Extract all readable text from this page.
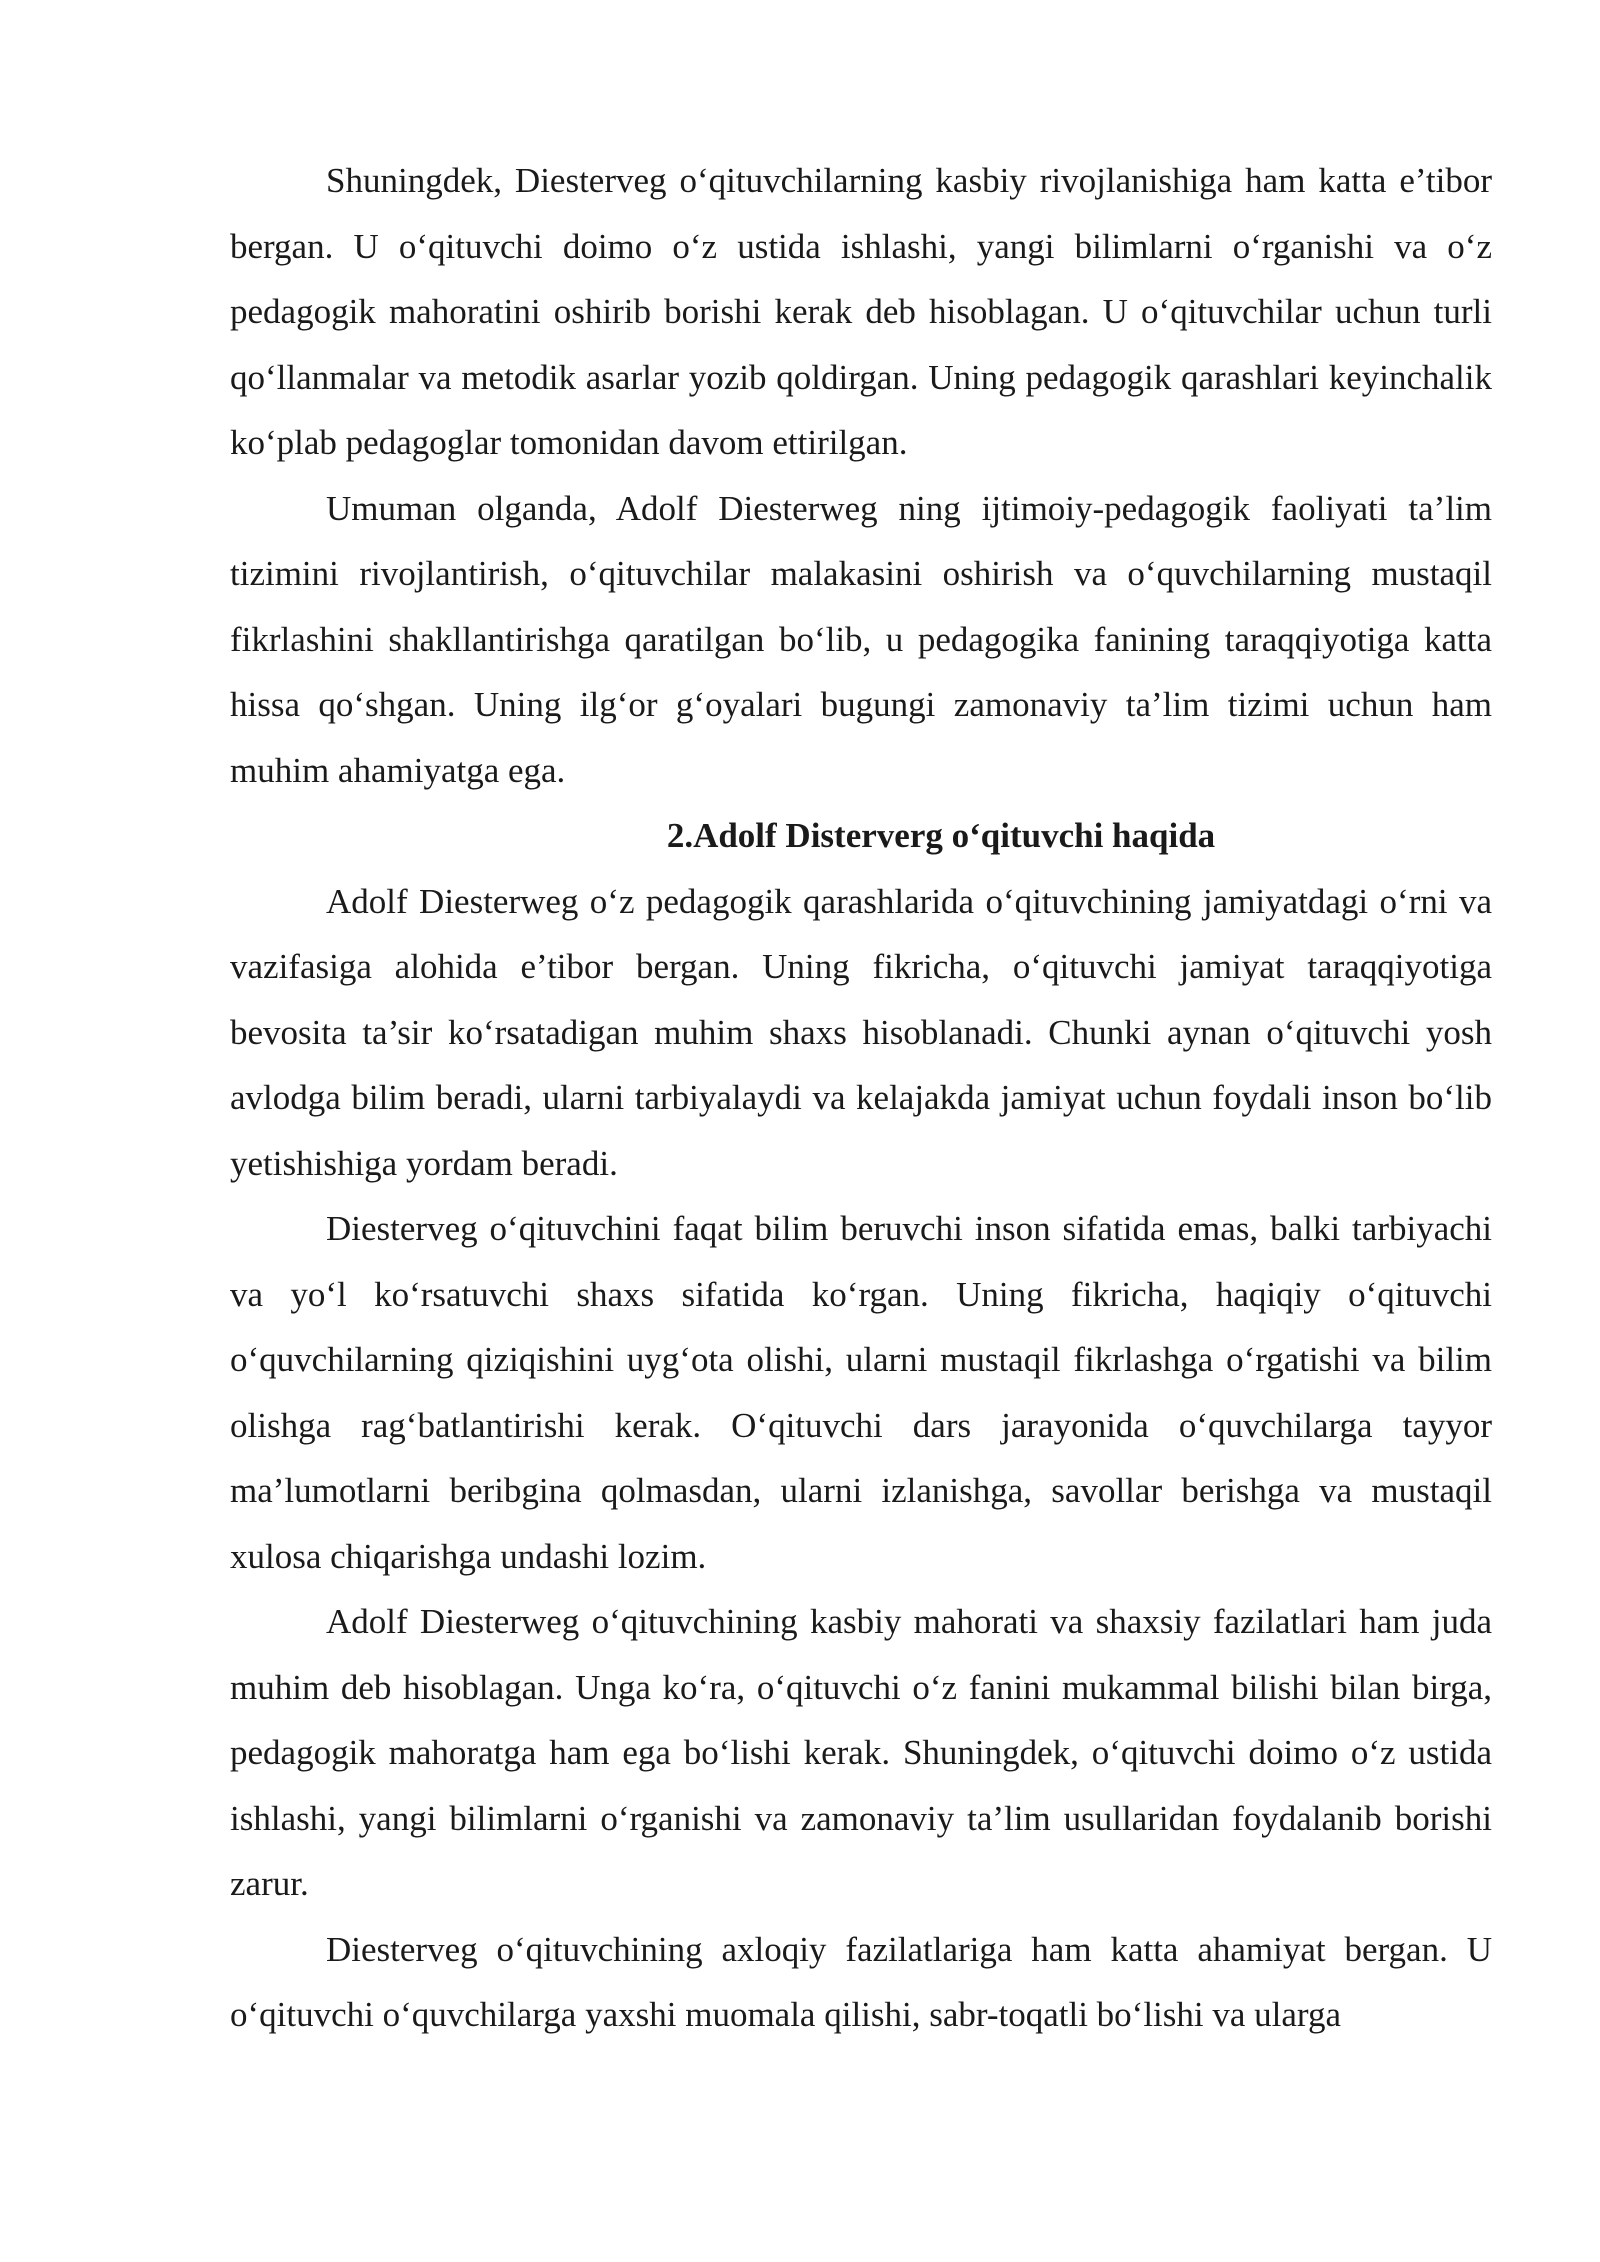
Shuningdek, Diesterveg o‘qituvchilarning kasbiy rivojlanishiga ham katta e’tibor bergan. U o‘qituvchi doimo o‘z ustida ishlashi, yangi bilimlarni o‘rganishi va o‘z pedagogik mahoratini oshirib borishi kerak deb hisoblagan. U o‘qituvchilar uchun turli qo‘llanmalar va metodik asarlar yozib qoldirgan. Uning pedagogik qarashlari keyinchalik ko‘plab pedagoglar tomonidan davom ettirilgan.

Umuman olganda, Adolf Diesterweg ning ijtimoiy-pedagogik faoliyati ta’lim tizimini rivojlantirish, o‘qituvchilar malakasini oshirish va o‘quvchilarning mustaqil fikrlashini shakllantirishga qaratilgan bo‘lib, u pedagogika fanining taraqqiyotiga katta hissa qo‘shgan. Uning ilg‘or g‘oyalari bugungi zamonaviy ta’lim tizimi uchun ham muhim ahamiyatga ega.

2.Adolf Disterverg o‘qituvchi haqida

Adolf Diesterweg o‘z pedagogik qarashlarida o‘qituvchining jamiyatdagi o‘rni va vazifasiga alohida e’tibor bergan. Uning fikricha, o‘qituvchi jamiyat taraqqiyotiga bevosita ta’sir ko‘rsatadigan muhim shaxs hisoblanadi. Chunki aynan o‘qituvchi yosh avlodga bilim beradi, ularni tarbiyalaydi va kelajakda jamiyat uchun foydali inson bo‘lib yetishishiga yordam beradi.

Diesterveg o‘qituvchini faqat bilim beruvchi inson sifatida emas, balki tarbiyachi va yo‘l ko‘rsatuvchi shaxs sifatida ko‘rgan. Uning fikricha, haqiqiy o‘qituvchi o‘quvchilarning qiziqishini uyg‘ota olishi, ularni mustaqil fikrlashga o‘rgatishi va bilim olishga rag‘batlantirishi kerak. O‘qituvchi dars jarayonida o‘quvchilarga tayyor ma’lumotlarni beribgina qolmasdan, ularni izlanishga, savollar berishga va mustaqil xulosa chiqarishga undashi lozim.

Adolf Diesterweg o‘qituvchining kasbiy mahorati va shaxsiy fazilatlari ham juda muhim deb hisoblagan. Unga ko‘ra, o‘qituvchi o‘z fanini mukammal bilishi bilan birga, pedagogik mahoratga ham ega bo‘lishi kerak. Shuningdek, o‘qituvchi doimo o‘z ustida ishlashi, yangi bilimlarni o‘rganishi va zamonaviy ta’lim usullaridan foydalanib borishi zarur.

Diesterveg o‘qituvchining axloqiy fazilatlariga ham katta ahamiyat bergan. U o‘qituvchi o‘quvchilarga yaxshi muomala qilishi, sabr-toqatli bo‘lishi va ularga
